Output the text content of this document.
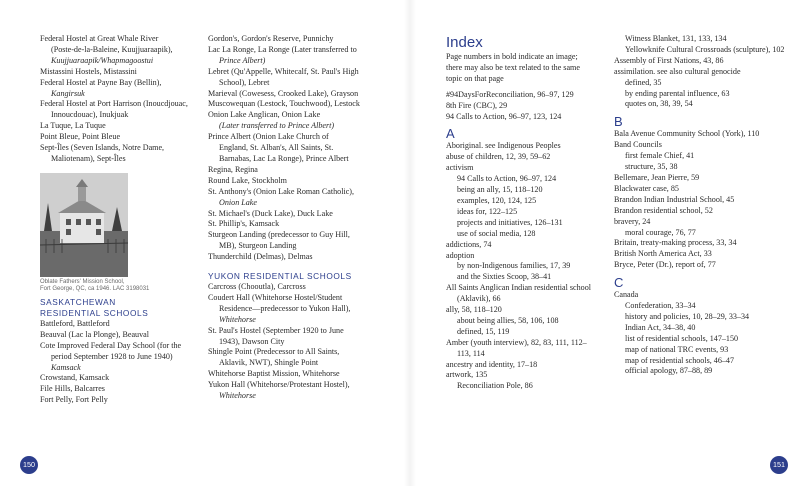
Federal Hostel at Great Whale River
(Poste-de-la-Baleine, Kuujjuaraapik),
Kuujjuaraapik/Whapmagoostui
Mistassini Hostels, Mistassini
Federal Hostel at Payne Bay (Bellin),
Kangirsuk
Federal Hostel at Port Harrison (Inoucdjouac,
Innoucdouac), Inukjuak
La Tuque, La Tuque
Point Bleue, Point Bleue
Sept-Îles (Seven Islands, Notre Dame,
Maliotenam), Sept-Îles
Oblate Fathers' Mission School,
Fort George, QC, ca 1946. LAC 3198031
SASKATCHEWAN
RESIDENTIAL SCHOOLS
Battleford, Battleford
Beauval (Lac la Plonge), Beauval
Cote Improved Federal Day School (for the
period September 1928 to June 1940)
Kamsack
Crowstand, Kamsack
File Hills, Balcarres
Fort Pelly, Fort Pelly
Gordon's, Gordon's Reserve, Punnichy
Lac La Ronge, La Ronge (Later transferred to
Prince Albert)
Lebret (Qu'Appelle, Whitecalf, St. Paul's High
School), Lebret
Marieval (Cowesess, Crooked Lake), Grayson
Muscowequan (Lestock, Touchwood), Lestock
Onion Lake Anglican, Onion Lake
(Later transferred to Prince Albert)
Prince Albert (Onion Lake Church of
England, St. Alban's, All Saints, St.
Barnabas, Lac La Ronge), Prince Albert
Regina, Regina
Round Lake, Stockholm
St. Anthony's (Onion Lake Roman Catholic),
Onion Lake
St. Michael's (Duck Lake), Duck Lake
St. Phillip's, Kamsack
Sturgeon Landing (predecessor to Guy Hill,
MB), Sturgeon Landing
Thunderchild (Delmas), Delmas
YUKON RESIDENTIAL SCHOOLS
Carcross (Chooutla), Carcross
Coudert Hall (Whitehorse Hostel/Student
Residence—predecessor to Yukon Hall),
Whitehorse
St. Paul's Hostel (September 1920 to June
1943), Dawson City
Shingle Point (Predecessor to All Saints,
Aklavik, NWT), Shingle Point
Whitehorse Baptist Mission, Whitehorse
Yukon Hall (Whitehorse/Protestant Hostel),
Whitehorse
Index
Page numbers in bold indicate an image;
there may also be text related to the same
topic on that page
#94DaysForReconciliation, 96–97, 129
8th Fire (CBC), 29
94 Calls to Action, 96–97, 123, 124
A
Aboriginal. see Indigenous Peoples
abuse of children, 12, 39, 59–62
activism
94 Calls to Action, 96–97, 124
being an ally, 15, 118–120
examples, 120, 124, 125
ideas for, 122–125
projects and initiatives, 126–131
use of social media, 128
addictions, 74
adoption
by non-Indigenous families, 17, 39
and the Sixties Scoop, 38–41
All Saints Anglican Indian residential school
(Aklavik), 66
ally, 58, 118–120
about being allies, 58, 106, 108
defined, 15, 119
Amber (youth interview), 82, 83, 111, 112–
113, 114
ancestry and identity, 17–18
artwork, 135
Reconciliation Pole, 86
Witness Blanket, 131, 133, 134
Yellowknife Cultural Crossroads (sculpture), 102
Assembly of First Nations, 43, 86
assimilation. see also cultural genocide
defined, 35
by ending parental influence, 63
quotes on, 38, 39, 54
B
Bala Avenue Community School (York), 110
Band Councils
first female Chief, 41
structure, 35, 38
Bellemare, Jean Pierre, 59
Blackwater case, 85
Brandon Indian Industrial School, 45
Brandon residential school, 52
bravery, 24
moral courage, 76, 77
Britain, treaty-making process, 33, 34
British North America Act, 33
Bryce, Peter (Dr.), report of, 77
C
Canada
Confederation, 33–34
history and policies, 10, 28–29, 33–34
Indian Act, 34–38, 40
list of residential schools, 147–150
map of national TRC events, 93
map of residential schools, 46–47
official apology, 87–88, 89
150	151
